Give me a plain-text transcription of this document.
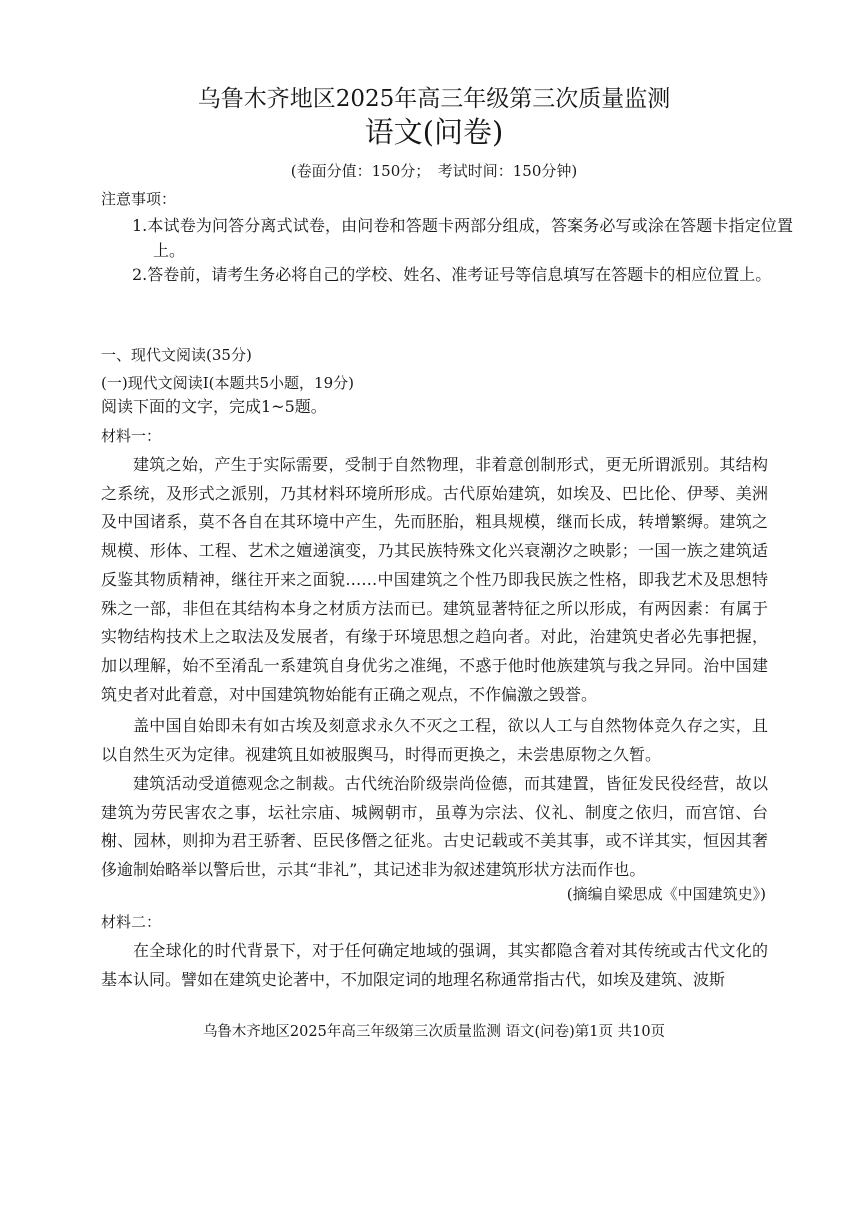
乌鲁木齐地区2025年高三年级第三次质量监测
语文(问卷)
(卷面分值：150分；　考试时间：150分钟)
注意事项：
1.本试卷为问答分离式试卷，由问卷和答题卡两部分组成，答案务必写或涂在答题卡指定位置上。
2.答卷前，请考生务必将自己的学校、姓名、准考证号等信息填写在答题卡的相应位置上。
一、现代文阅读(35分)
(一)现代文阅读Ⅰ(本题共5小题，19分)
阅读下面的文字，完成1~5题。
材料一：
建筑之始，产生于实际需要，受制于自然物理，非着意创制形式，更无所谓派别。其结构之系统，及形式之派别，乃其材料环境所形成。古代原始建筑，如埃及、巴比伦、伊琴、美洲及中国诸系，莫不各自在其环境中产生，先而胚胎，粗具规模，继而长成，转增繁缛。建筑之规模、形体、工程、艺术之嬗递演变，乃其民族特殊文化兴衰潮汐之映影；一国一族之建筑适反鉴其物质精神，继往开来之面貌……中国建筑之个性乃即我民族之性格，即我艺术及思想特殊之一部，非但在其结构本身之材质方法而已。建筑显著特征之所以形成，有两因素：有属于实物结构技术上之取法及发展者，有缘于环境思想之趋向者。对此，治建筑史者必先事把握，加以理解，始不至淆乱一系建筑自身优劣之准绳，不惑于他时他族建筑与我之异同。治中国建筑史者对此着意，对中国建筑物始能有正确之观点，不作偏激之毁誉。
盖中国自始即未有如古埃及刻意求永久不灭之工程，欲以人工与自然物体竞久存之实，且以自然生灭为定律。视建筑且如被服舆马，时得而更换之，未尝患原物之久暂。
建筑活动受道德观念之制裁。古代统治阶级崇尚俭德，而其建置，皆征发民役经营，故以建筑为劳民害农之事，坛社宗庙、城阙朝市，虽尊为宗法、仪礼、制度之依归，而宫馆、台榭、园林，则抑为君王骄奢、臣民侈僭之征兆。古史记载或不美其事，或不详其实，恒因其奢侈逾制始略举以警后世，示其“非礼”，其记述非为叙述建筑形状方法而作也。
(摘编自梁思成《中国建筑史》)
材料二：
在全球化的时代背景下，对于任何确定地域的强调，其实都隐含着对其传统或古代文化的基本认同。譬如在建筑史论著中，不加限定词的地理名称通常指古代，如埃及建筑、波斯
乌鲁木齐地区2025年高三年级第三次质量监测 语文(问卷)第1页 共10页
